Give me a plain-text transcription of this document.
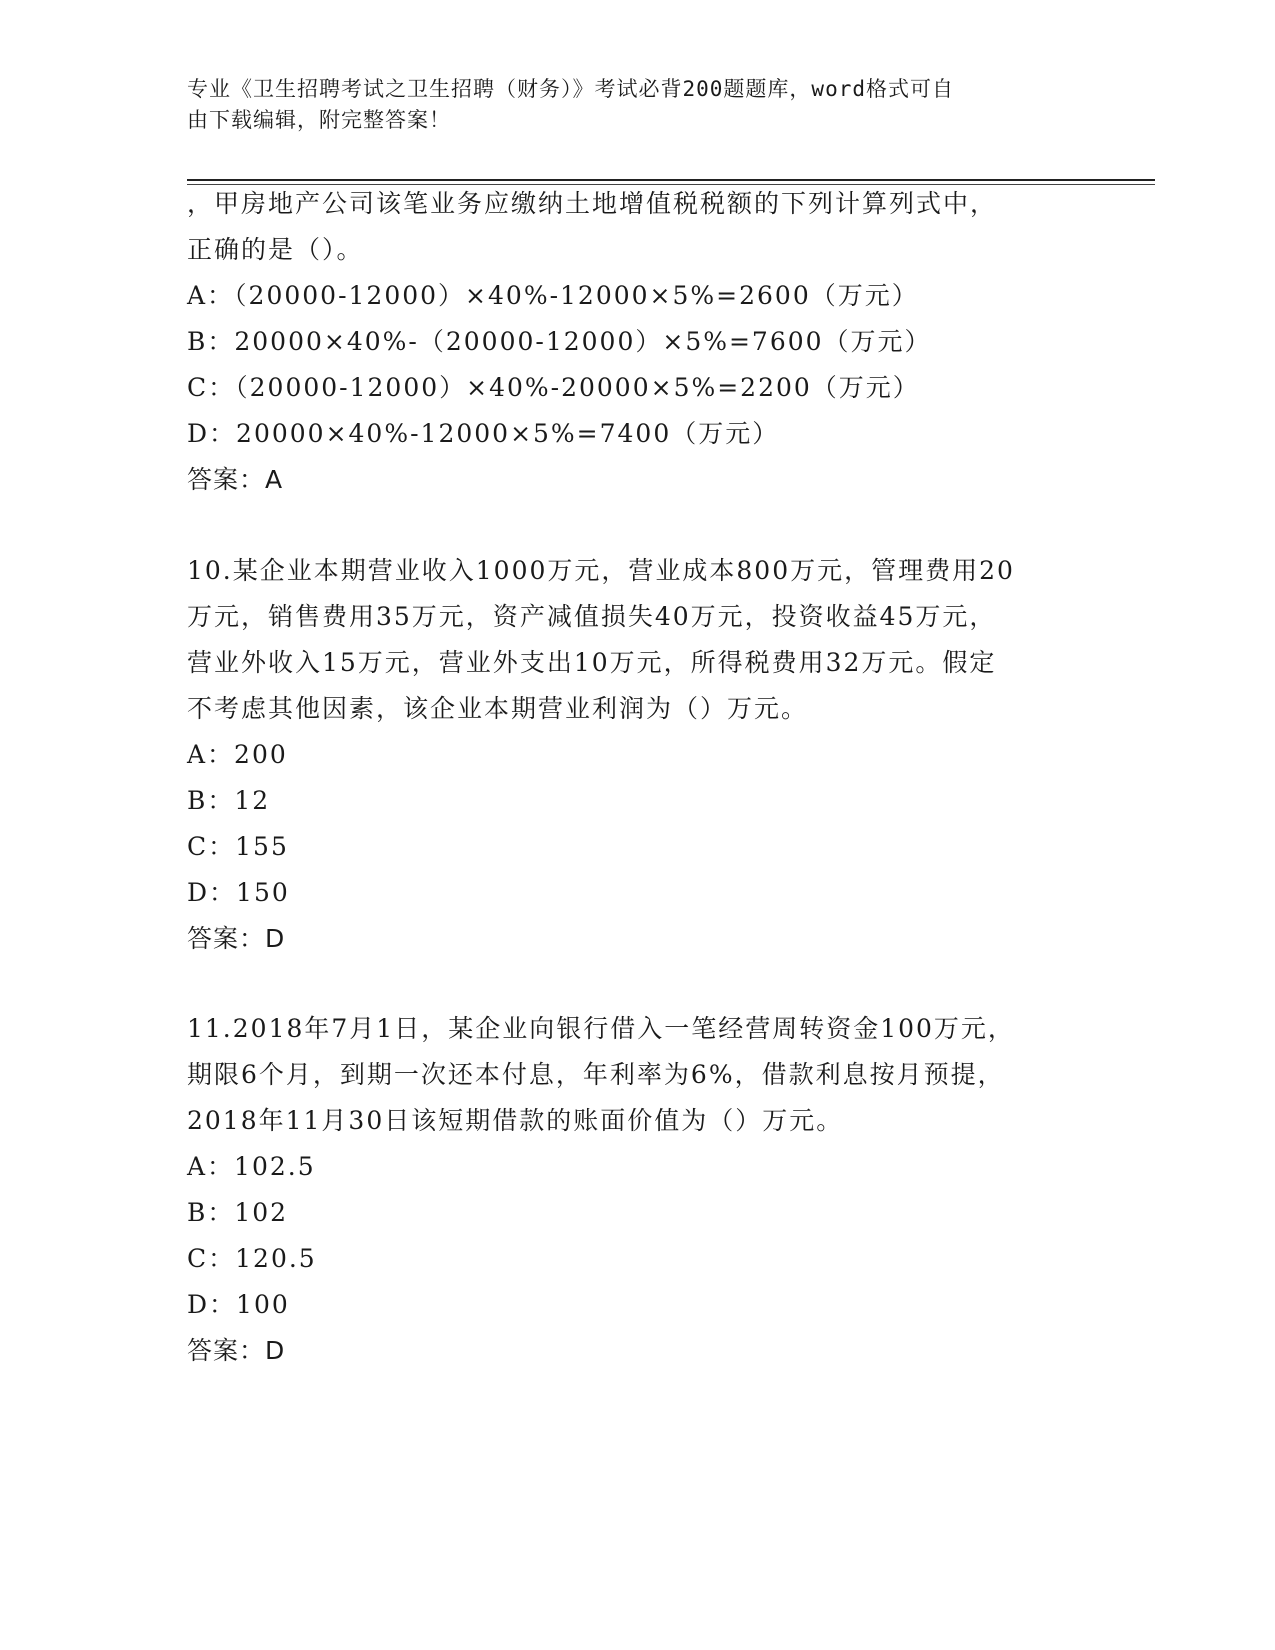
专业《卫生招聘考试之卫生招聘（财务）》考试必背200题题库，word格式可自
由下载编辑，附完整答案！
，甲房地产公司该笔业务应缴纳土地增值税税额的下列计算列式中，
正确的是（）。
A：（20000-12000）×40%-12000×5%=2600（万元）
B：20000×40%-（20000-12000）×5%=7600（万元）
C：（20000-12000）×40%-20000×5%=2200（万元）
D：20000×40%-12000×5%=7400（万元）
答案：A
10.某企业本期营业收入1000万元，营业成本800万元，管理费用20
万元，销售费用35万元，资产减值损失40万元，投资收益45万元，
营业外收入15万元，营业外支出10万元，所得税费用32万元。假定
不考虑其他因素，该企业本期营业利润为（）万元。
A：200
B：12
C：155
D：150
答案：D
11.2018年7月1日，某企业向银行借入一笔经营周转资金100万元，
期限6个月，到期一次还本付息，年利率为6%，借款利息按月预提，
2018年11月30日该短期借款的账面价值为（）万元。
A：102.5
B：102
C：120.5
D：100
答案：D
